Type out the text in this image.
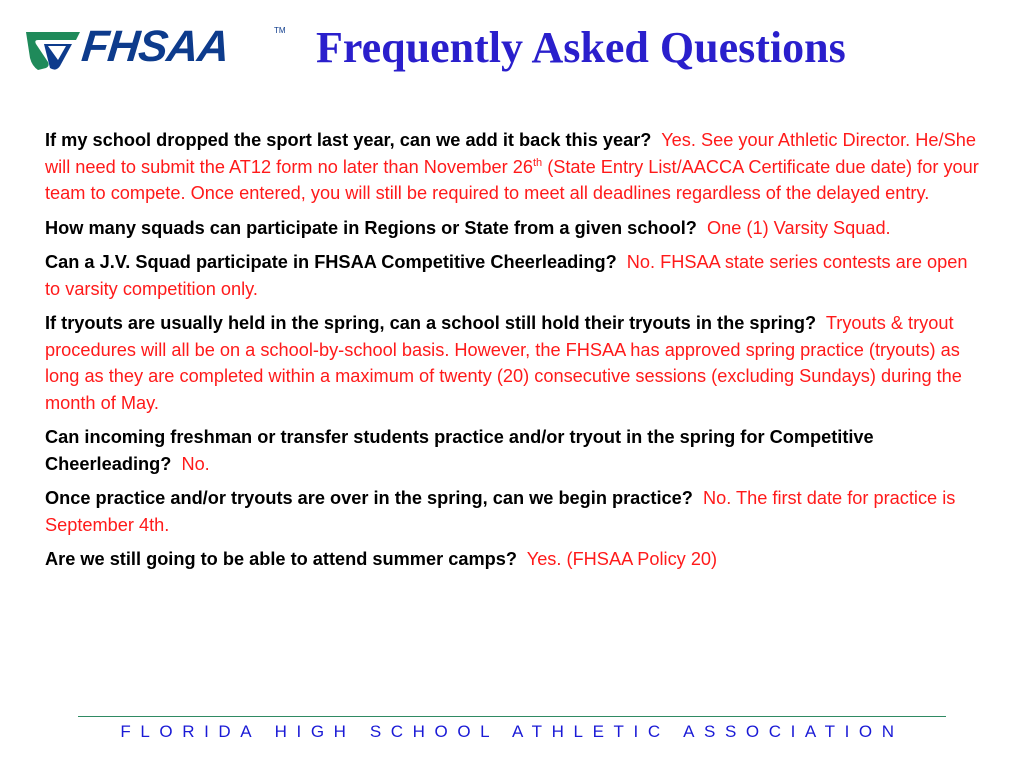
FHSAA	TM Frequently Asked Questions
If my school dropped the sport last year, can we add it back this year? Yes. See your Athletic Director. He/She will need to submit the AT12 form no later than November 26th (State Entry List/AACCA Certificate due date) for your team to compete. Once entered, you will still be required to meet all deadlines regardless of the delayed entry.
How many squads can participate in Regions or State from a given school? One (1) Varsity Squad.
Can a J.V. Squad participate in FHSAA Competitive Cheerleading? No. FHSAA state series contests are open to varsity competition only.
If tryouts are usually held in the spring, can a school still hold their tryouts in the spring? Tryouts & tryout procedures will all be on a school-by-school basis. However, the FHSAA has approved spring practice (tryouts) as long as they are completed within a maximum of twenty (20) consecutive sessions (excluding Sundays) during the month of May.
Can incoming freshman or transfer students practice and/or tryout in the spring for Competitive Cheerleading? No.
Once practice and/or tryouts are over in the spring, can we begin practice? No. The first date for practice is September 4th.
Are we still going to be able to attend summer camps? Yes. (FHSAA Policy 20)
FLORIDA HIGH SCHOOL ATHLETIC ASSOCIATION
